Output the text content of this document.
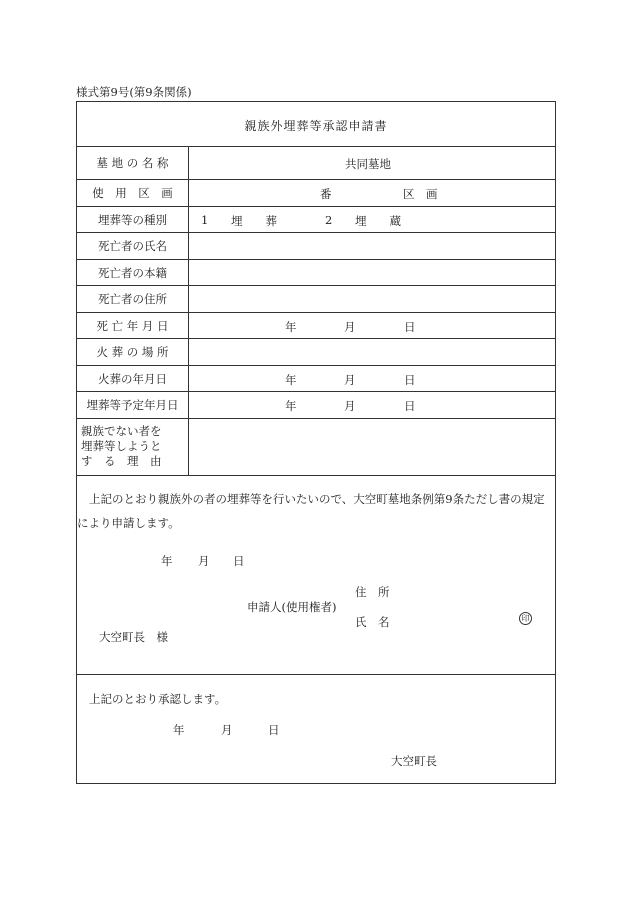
様式第9号(第9条関係)
親族外埋葬等承認申請書
墓 地 の 名 称	共同墓地
使　用　区　画	番	区　画
埋葬等の種別	1 埋　　葬	2 埋　　蔵
死亡者の氏名
死亡者の本籍
死亡者の住所
死 亡 年 月 日	年	月	日
火 葬 の 場 所
火葬の年月日	年	月	日
埋葬等予定年月日	年	月	日
親族でない者を
埋葬等しようと
す　る　理　由
上記のとおり親族外の者の埋葬等を行いたいので、大空町墓地条例第9条ただし書の規定
により申請します。
年 月 日
住　所
申請人(使用権者)
氏　名	印
大空町長　様
上記のとおり承認します。
年	月	日
大空町長
